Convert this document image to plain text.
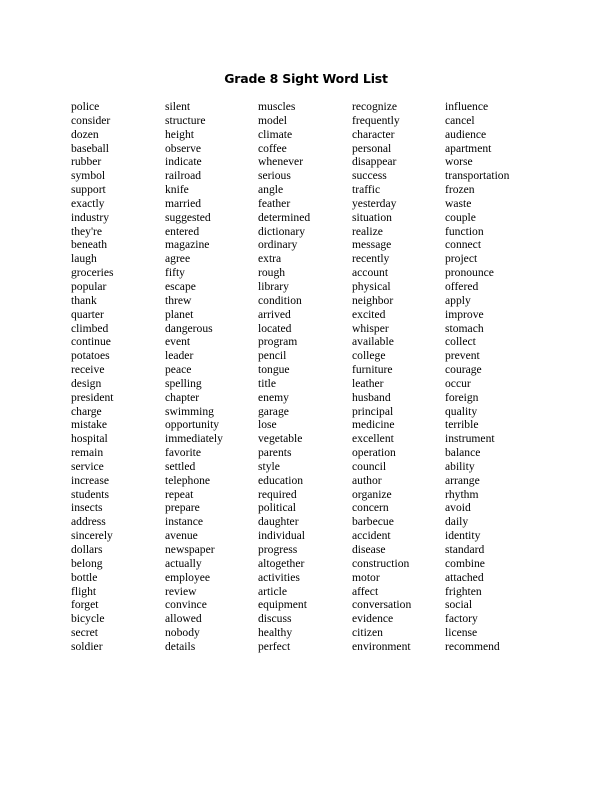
Grade 8 Sight Word List
police
consider
dozen
baseball
rubber
symbol
support
exactly
industry
they're
beneath
laugh
groceries
popular
thank
quarter
climbed
continue
potatoes
receive
design
president
charge
mistake
hospital
remain
service
increase
students
insects
address
sincerely
dollars
belong
bottle
flight
forget
bicycle
secret
soldier
silent
structure
height
observe
indicate
railroad
knife
married
suggested
entered
magazine
agree
fifty
escape
threw
planet
dangerous
event
leader
peace
spelling
chapter
swimming
opportunity
immediately
favorite
settled
telephone
repeat
prepare
instance
avenue
newspaper
actually
employee
review
convince
allowed
nobody
details
muscles
model
climate
coffee
whenever
serious
angle
feather
determined
dictionary
ordinary
extra
rough
library
condition
arrived
located
program
pencil
tongue
title
enemy
garage
lose
vegetable
parents
style
education
required
political
daughter
individual
progress
altogether
activities
article
equipment
discuss
healthy
perfect
recognize
frequently
character
personal
disappear
success
traffic
yesterday
situation
realize
message
recently
account
physical
neighbor
excited
whisper
available
college
furniture
leather
husband
principal
medicine
excellent
operation
council
author
organize
concern
barbecue
accident
disease
construction
motor
affect
conversation
evidence
citizen
environment
influence
cancel
audience
apartment
worse
transportation
frozen
waste
couple
function
connect
project
pronounce
offered
apply
improve
stomach
collect
prevent
courage
occur
foreign
quality
terrible
instrument
balance
ability
arrange
rhythm
avoid
daily
identity
standard
combine
attached
frighten
social
factory
license
recommend
